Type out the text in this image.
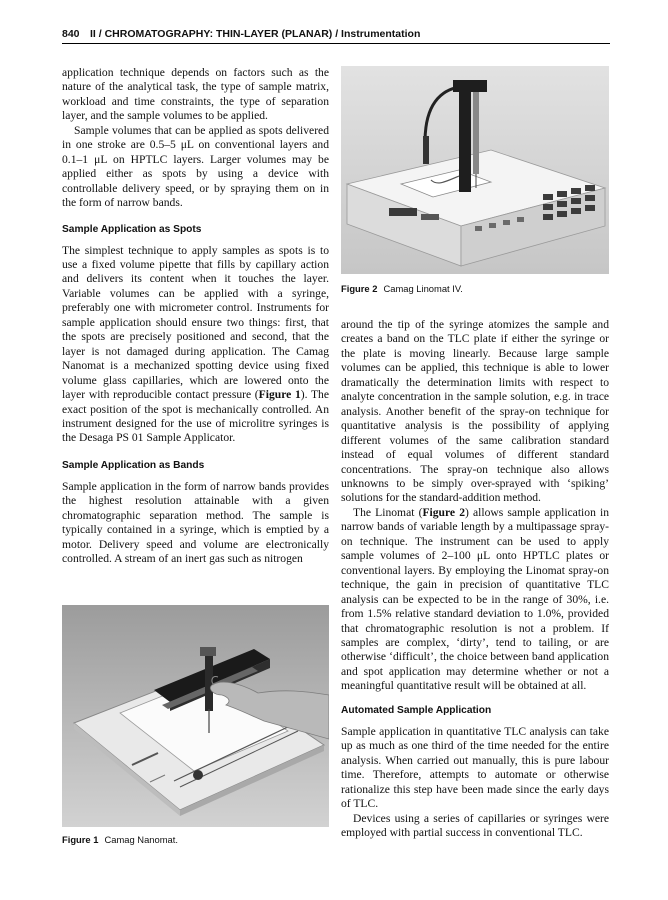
840 II / CHROMATOGRAPHY: THIN-LAYER (PLANAR) / Instrumentation

application technique depends on factors such as the nature of the analytical task, the type of sample matrix, workload and time constraints, the type of separation layer, and the sample volumes to be applied.

Sample volumes that can be applied as spots delivered in one stroke are 0.5–5 μL on conventional layers and 0.1–1 μL on HPTLC layers. Larger volumes may be applied either as spots by using a device with controllable delivery speed, or by spraying them on in the form of narrow bands.

Sample Application as Spots

The simplest technique to apply samples as spots is to use a fixed volume pipette that fills by capillary action and delivers its content when it touches the layer. Variable volumes can be applied with a syringe, preferably one with micrometer control. Instruments for sample application should ensure two things: first, that the spots are precisely positioned and second, that the layer is not damaged during application. The Camag Nanomat is a mechanized spotting device using fixed volume glass capillaries, which are lowered onto the layer with reproducible contact pressure (Figure 1). The exact position of the spot is mechanically controlled. An instrument designed for the use of microlitre syringes is the Desaga PS 01 Sample Applicator.

Sample Application as Bands

Sample application in the form of narrow bands provides the highest resolution attainable with a given chromatographic separation method. The sample is typically contained in a syringe, which is emptied by a motor. Delivery speed and volume are electronically controlled. A stream of an inert gas such as nitrogen

Figure 1 Camag Nanomat.
Figure 2 Camag Linomat IV.

around the tip of the syringe atomizes the sample and creates a band on the TLC plate if either the syringe or the plate is moving linearly. Because large sample volumes can be applied, this technique is able to lower dramatically the determination limits with respect to analyte concentration in the sample solution, e.g. in trace analysis. Another benefit of the spray-on technique for quantitative analysis is the possibility of applying different volumes of the same calibration standard instead of equal volumes of different standard concentrations. The spray-on technique also allows unknowns to be simply over-sprayed with ‘spiking’ solutions for the standard-addition method.

The Linomat (Figure 2) allows sample application in narrow bands of variable length by a multipassage spray-on technique. The instrument can be used to apply sample volumes of 2–100 μL onto HPTLC plates or conventional layers. By employing the Linomat spray-on technique, the gain in precision of quantitative TLC analysis can be expected to be in the range of 30%, i.e. from 1.5% relative standard deviation to 1.0%, provided that chromatographic resolution is not a problem. If samples are complex, ‘dirty’, tend to tailing, or are otherwise ‘difficult’, the choice between band application and spot application may determine whether or not a meaningful quantitative result will be obtained at all.

Automated Sample Application

Sample application in quantitative TLC analysis can take up as much as one third of the time needed for the entire analysis. When carried out manually, this is pure labour time. Therefore, attempts to automate or otherwise rationalize this step have been made since the early days of TLC.

Devices using a series of capillaries or syringes were employed with partial success in conventional TLC.
